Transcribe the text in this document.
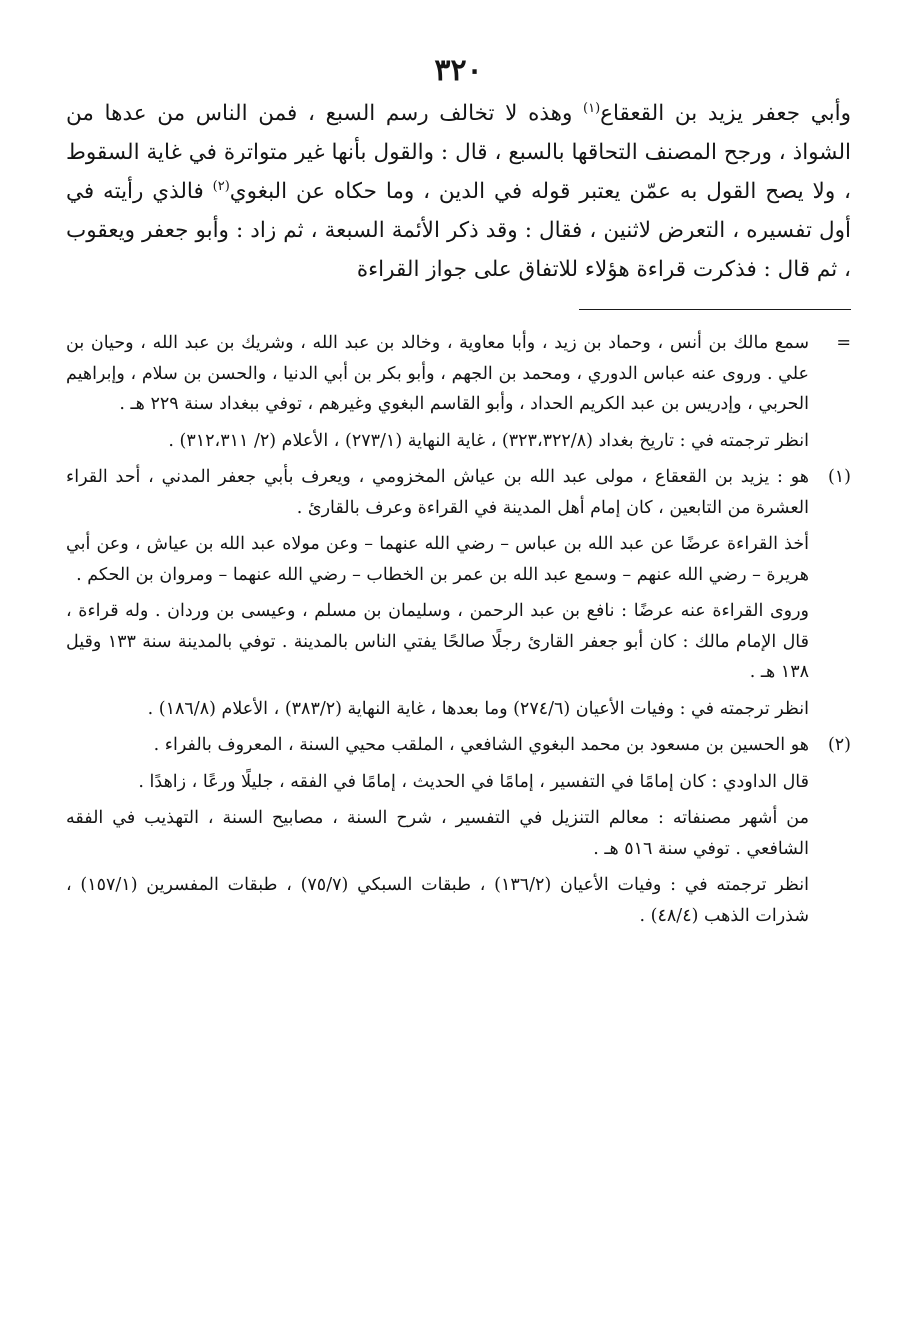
٣٢٠

وأبي جعفر يزيد بن القعقاع$^{(١)}$ وهذه لا تخالف رسم السبع ، فمن الناس من عدها من الشواذ ، ورجح المصنف التحاقها بالسبع ، قال : والقول بأنها غير متواترة في غاية السقوط ، ولا يصح القول به عمّن يعتبر قوله في الدين ، وما حكاه عن البغوي$^{(٢)}$ فالذي رأيته في أول تفسيره ، التعرض لاثنين ، فقال : وقد ذكر الأئمة السبعة ، ثم زاد : وأبو جعفر ويعقوب ، ثم قال : فذكرت قراءة هؤلاء للاتفاق على جواز القراءة

=

سمع مالك بن أنس ، وحماد بن زيد ، وأبا معاوية ، وخالد بن عبد الله ، وشريك بن عبد الله ، وحيان بن علي . وروى عنه عباس الدوري ، ومحمد بن الجهم ، وأبو بكر بن أبي الدنيا ، والحسن بن سلام ، وإبراهيم الحربي ، وإدريس بن عبد الكريم الحداد ، وأبو القاسم البغوي وغيرهم ، توفي ببغداد سنة ٢٢٩ هـ .

انظر ترجمته في : تاريخ بغداد (٣٢٣،٣٢٢/٨) ، غاية النهاية (٢٧٣/١) ، الأعلام (٢/ ٣١٢،٣١١) .

(١)

هو : يزيد بن القعقاع ، مولى عبد الله بن عياش المخزومي ، ويعرف بأبي جعفر المدني ، أحد القراء العشرة من التابعين ، كان إمام أهل المدينة في القراءة وعرف بالقارئ .

أخذ القراءة عرضًا عن عبد الله بن عباس – رضي الله عنهما – وعن مولاه عبد الله بن عياش ، وعن أبي هريرة – رضي الله عنهم – وسمع عبد الله بن عمر بن الخطاب – رضي الله عنهما – ومروان بن الحكم .

وروى القراءة عنه عرضًا : نافع بن عبد الرحمن ، وسليمان بن مسلم ، وعيسى بن وردان . وله قراءة ، قال الإمام مالك : كان أبو جعفر القارئ رجلًا صالحًا يفتي الناس بالمدينة . توفي بالمدينة سنة ١٣٣ وقيل ١٣٨ هـ .

انظر ترجمته في : وفيات الأعيان (٢٧٤/٦) وما بعدها ، غاية النهاية (٣٨٣/٢) ، الأعلام (١٨٦/٨) .

(٢)

هو الحسين بن مسعود بن محمد البغوي الشافعي ، الملقب محيي السنة ، المعروف بالفراء .

قال الداودي : كان إمامًا في التفسير ، إمامًا في الحديث ، إمامًا في الفقه ، جليلًا ورعًا ، زاهدًا .

من أشهر مصنفاته : معالم التنزيل في التفسير ، شرح السنة ، مصابيح السنة ، التهذيب في الفقه الشافعي . توفي سنة ٥١٦ هـ .

انظر ترجمته في : وفيات الأعيان (١٣٦/٢) ، طبقات السبكي (٧٥/٧) ، طبقات المفسرين (١٥٧/١) ، شذرات الذهب (٤٨/٤) .
